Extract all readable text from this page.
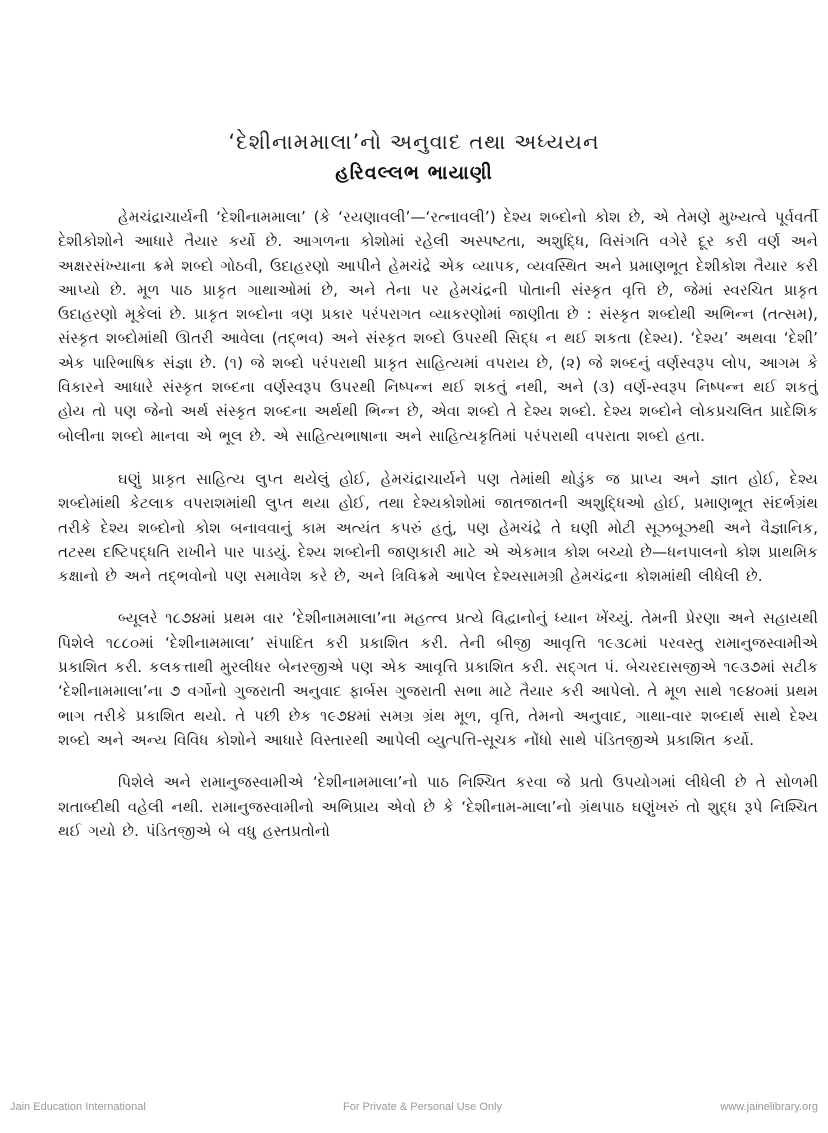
‘દેશીનામમાલા’નો અનુવાદ તથા અધ્યયન
હરિવલ્લભ ભાયાણી

હેમચંદ્રાચાર્યની ‘દેશીનામમાલા’ (કે ‘રયણાવલી’—‘રત્નાવલી’) દેશ્ય શબ્દોનો કોશ છે, એ તેમણે મુખ્યત્વે પૂર્વવર્તી દેશીકોશોને આધારે તૈયાર કર્યો છે. આગળના કોશોમાં રહેલી અસ્પષ્ટતા, અશુદ્ધિ, વિસંગતિ વગેરે દૂર કરી વર્ણ અને અક્ષરસંખ્યાના ક્રમે શબ્દો ગોઠવી, ઉદાહરણો આપીને હેમચંદ્રે એક વ્યાપક, વ્યવસ્થિત અને પ્રમાણભૂત દેશીકોશ તૈયાર કરી આપ્યો છે. મૂળ પાઠ પ્રાકૃત ગાથાઓમાં છે, અને તેના પર હેમચંદ્રની પોતાની સંસ્કૃત વૃત્તિ છે, જેમાં સ્વરચિત પ્રાકૃત ઉદાહરણો મૂકેલાં છે. પ્રાકૃત શબ્દોના ત્રણ પ્રકાર પરંપરાગત વ્યાકરણોમાં જાણીતા છે : સંસ્કૃત શબ્દોથી અભિન્ન (તત્સમ), સંસ્કૃત શબ્દોમાંથી ઊતરી આવેલા (તદ્ભવ) અને સંસ્કૃત શબ્દો ઉપરથી સિદ્ધ ન થઈ શકતા (દેશ્ય). ‘દેશ્ય’ અથવા ‘દેશી’ એક પારિભાષિક સંજ્ઞા છે. (૧) જે શબ્દો પરંપરાથી પ્રાકૃત સાહિત્યમાં વપરાય છે, (૨) જે શબ્દનું વર્ણસ્વરૂપ લોપ, આગમ કે વિકારને આધારે સંસ્કૃત શબ્દના વર્ણસ્વરૂપ ઉપરથી નિષ્પન્ન થઈ શકતું નથી, અને (૩) વર્ણ-સ્વરૂપ નિષ્પન્ન થઈ શકતું હોય તો પણ જેનો અર્થ સંસ્કૃત શબ્દના અર્થથી ભિન્ન છે, એવા શબ્દો તે દેશ્ય શબ્દો. દેશ્ય શબ્દોને લોકપ્રચલિત પ્રાદેશિક બોલીના શબ્દો માનવા એ ભૂલ છે. એ સાહિત્યભાષાના અને સાહિત્યકૃતિમાં પરંપરાથી વપરાતા શબ્દો હતા.

ઘણું પ્રાકૃત સાહિત્ય લુપ્ત થયેલું હોઈ, હેમચંદ્રાચાર્યને પણ તેમાંથી થોડુંક જ પ્રાપ્ય અને જ્ઞાત હોઈ, દેશ્ય શબ્દોમાંથી કેટલાક વપરાશમાંથી લુપ્ત થયા હોઈ, તથા દેશ્યકોશોમાં જાતજાતની અશુદ્ધિઓ હોઈ, પ્રમાણભૂત સંદર્ભગ્રંથ તરીકે દેશ્ય શબ્દોનો કોશ બનાવવાનું કામ અત્યંત કપરું હતું, પણ હેમચંદ્રે તે ઘણી મોટી સૂઝબૂઝથી અને વૈજ્ઞાનિક, તટસ્થ દષ્ટિપદ્ધતિ રાખીને પાર પાડયું. દેશ્ય શબ્દોની જાણકારી માટે એ એકમાત્ર કોશ બચ્યો છે—ધનપાલનો કોશ પ્રાથમિક કક્ષાનો છે અને તદ્ભવોનો પણ સમાવેશ કરે છે, અને ત્રિવિક્રમે આપેલ દેશ્યસામગ્રી હેમચંદ્રના કોશમાંથી લીધેલી છે.

બ્યૂલરે ૧૮૭૪માં પ્રથમ વાર ‘દેશીનામમાલા’ના મહત્ત્વ પ્રત્યે વિદ્વાનોનું ધ્યાન ખેંચ્યું. તેમની પ્રેરણા અને સહાયથી પિશેલે ૧૮૮૦માં ‘દેશીનામમાલા’ સંપાદિત કરી પ્રકાશિત કરી. તેની બીજી આવૃત્તિ ૧૯૩૮માં પરવસ્તુ રામાનુજસ્વામીએ પ્રકાશિત કરી. કલકત્તાથી મુરલીધર બેનરજીએ પણ એક આવૃત્તિ પ્રકાશિત કરી. સદ્ગત પં. બેચરદાસજીએ ૧૯૩૭માં સટીક ‘દેશીનામમાલા’ના ૭ વર્ગોનો ગુજરાતી અનુવાદ ફાર્બસ ગુજરાતી સભા માટે તૈયાર કરી આપેલો. તે મૂળ સાથે ૧૯૪૦માં પ્રથમ ભાગ તરીકે પ્રકાશિત થયો. તે પછી છેક ૧૯૭૪માં સમગ્ર ગ્રંથ મૂળ, વૃત્તિ, તેમનો અનુવાદ, ગાથા-વાર શબ્દાર્થ સાથે દેશ્ય શબ્દો અને અન્ય વિવિધ કોશોને આધારે વિસ્તારથી આપેલી વ્યુત્પત્તિ-સૂચક નોંધો સાથે પંડિતજીએ પ્રકાશિત કર્યો.

પિશેલે અને રામાનુજસ્વામીએ ‘દેશીનામમાલા’નો પાઠ નિશ્ચિત કરવા જે પ્રતો ઉપયોગમાં લીધેલી છે તે સોળમી શતાબ્દીથી વહેલી નથી. રામાનુજસ્વામીનો અભિપ્રાય એવો છે કે ‘દેશીનામ-માલા’નો ગ્રંથપાઠ ઘણુંખરું તો શુદ્ધ રૂપે નિશ્ચિત થઈ ગયો છે. પંડિતજીએ બે વધુ હસ્તપ્રતોનો

Jain Education International	For Private & Personal Use Only	www.jainelibrary.org
